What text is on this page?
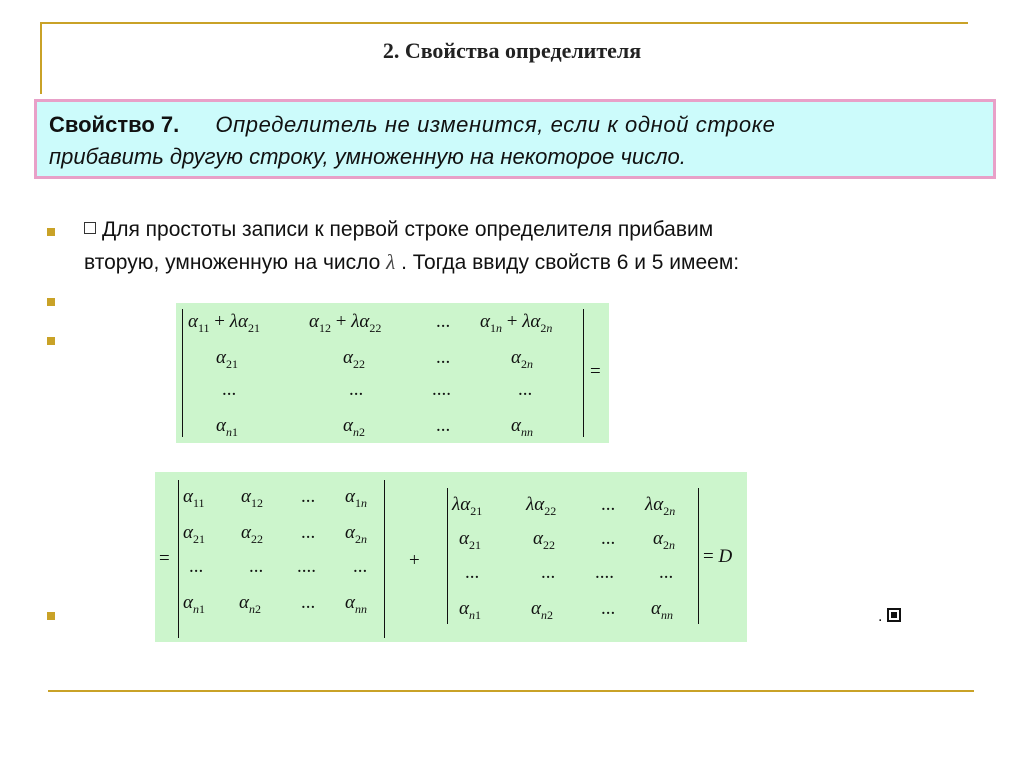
2. Свойства определителя
Свойство 7. Определитель не изменится, если к одной строке
прибавить другую строку, умноженную на некоторое число.
Для простоты записи к первой строке определителя прибавим
вторую, умноженную на число λ . Тогда ввиду свойств 6 и 5 имеем:
$\alpha_{11} + \lambda\alpha_{21}$	$\alpha_{12} + \lambda\alpha_{22}$	... $\alpha_{1n} + \lambda\alpha_{2n}$
$\alpha_{21}$	$\alpha_{22}$	...	$\alpha_{2n}$
...	...	....	...
$\alpha_{n1}$	$\alpha_{n2}$	...	$\alpha_{nn}$
=
=
$\alpha_{11}$ $\alpha_{12}$ ... $\alpha_{1n}$
$\alpha_{21}$ $\alpha_{22}$ ... $\alpha_{2n}$
... ... .... ...
$\alpha_{n1}$ $\alpha_{n2}$ ... $\alpha_{nn}$
+
$\lambda\alpha_{21}$ $\lambda\alpha_{22}$ ... $\lambda\alpha_{2n}$
$\alpha_{21}$	$\alpha_{22}$ ... $\alpha_{2n}$
...	... .... ...
$\alpha_{n1}$	$\alpha_{n2}$	... $\alpha_{nn}$
= D
.
